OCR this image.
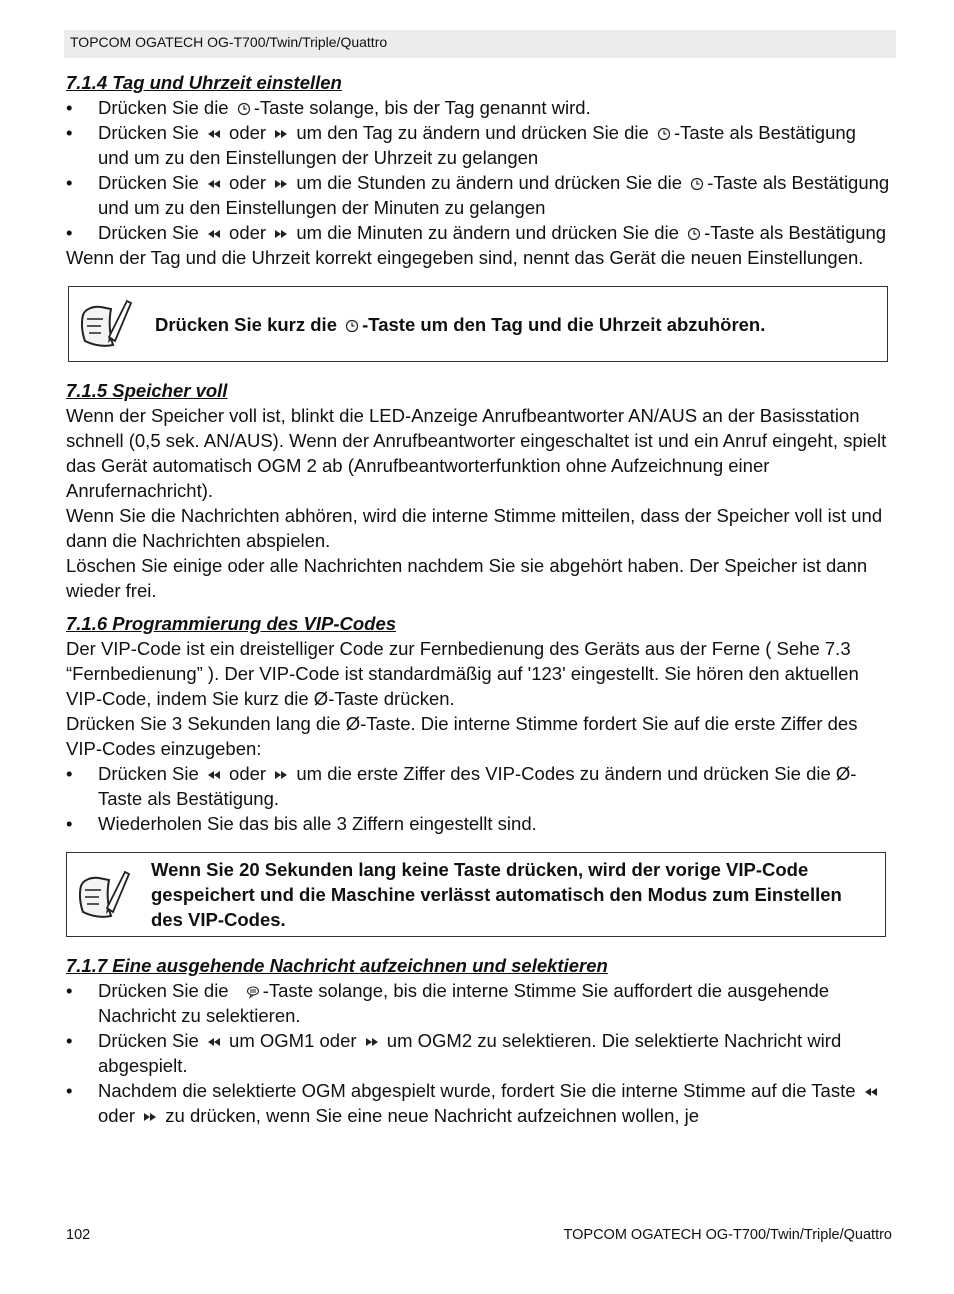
TOPCOM OGATECH OG-T700/Twin/Triple/Quattro
7.1.4 Tag und Uhrzeit einstellen
• Drücken Sie die
-Taste solange, bis der Tag genannt wird.
• Drücken Sie
oder
um den Tag zu ändern und drücken Sie die
-Taste als Bestätigung und um zu den Einstellungen der Uhrzeit zu gelangen
• Drücken Sie
oder
um die Stunden zu ändern und drücken Sie die
-Taste als Bestätigung und um zu den Einstellungen der Minuten zu gelangen
• Drücken Sie
oder
um die Minuten zu ändern und drücken Sie die
-Taste als Bestätigung

Wenn der Tag und die Uhrzeit korrekt eingegeben sind, nennt das Gerät die neuen Einstellungen.

Drücken Sie kurz die
-Taste um den Tag und die Uhrzeit abzuhören.
7.1.5 Speicher voll

Wenn der Speicher voll ist, blinkt die LED-Anzeige Anrufbeantworter AN/AUS an der Basisstation schnell (0,5 sek. AN/AUS). Wenn der Anrufbeantworter eingeschaltet ist und ein Anruf eingeht, spielt das Gerät automatisch OGM 2 ab (Anrufbeantworterfunktion ohne Aufzeichnung einer Anrufernachricht).

Wenn Sie die Nachrichten abhören, wird die interne Stimme mitteilen, dass der Speicher voll ist und dann die Nachrichten abspielen.

Löschen Sie einige oder alle Nachrichten nachdem Sie sie abgehört haben. Der Speicher ist dann wieder frei.

7.1.6 Programmierung des VIP-Codes

Der VIP-Code ist ein dreistelliger Code zur Fernbedienung des Geräts aus der Ferne ( Sehe 7.3 “Fernbedienung” ). Der VIP-Code ist standardmäßig auf '123' eingestellt. Sie hören den aktuellen VIP-Code, indem Sie kurz die Ø-Taste drücken.

Drücken Sie 3 Sekunden lang die Ø-Taste. Die interne Stimme fordert Sie auf die erste Ziffer des VIP-Codes einzugeben:

• Drücken Sie
oder
um die erste Ziffer des VIP-Codes zu ändern und drücken Sie die Ø-Taste als Bestätigung.
• Wiederholen Sie das bis alle 3 Ziffern eingestellt sind.
Wenn Sie 20 Sekunden lang keine Taste drücken, wird der vorige VIP-Code gespeichert und die Maschine verlässt automatisch den Modus zum Einstellen des VIP-Codes.
7.1.7 Eine ausgehende Nachricht aufzeichnen und selektieren
• Drücken Sie die
-Taste solange, bis die interne Stimme Sie auffordert die ausgehende Nachricht zu selektieren.
• Drücken Sie
um OGM1 oder
um OGM2 zu selektieren. Die selektierte Nachricht wird abgespielt.
• Nachdem die selektierte OGM abgespielt wurde, fordert Sie die interne Stimme auf die Taste
oder
zu drücken, wenn Sie eine neue Nachricht aufzeichnen wollen, je
102	TOPCOM OGATECH OG-T700/Twin/Triple/Quattro
